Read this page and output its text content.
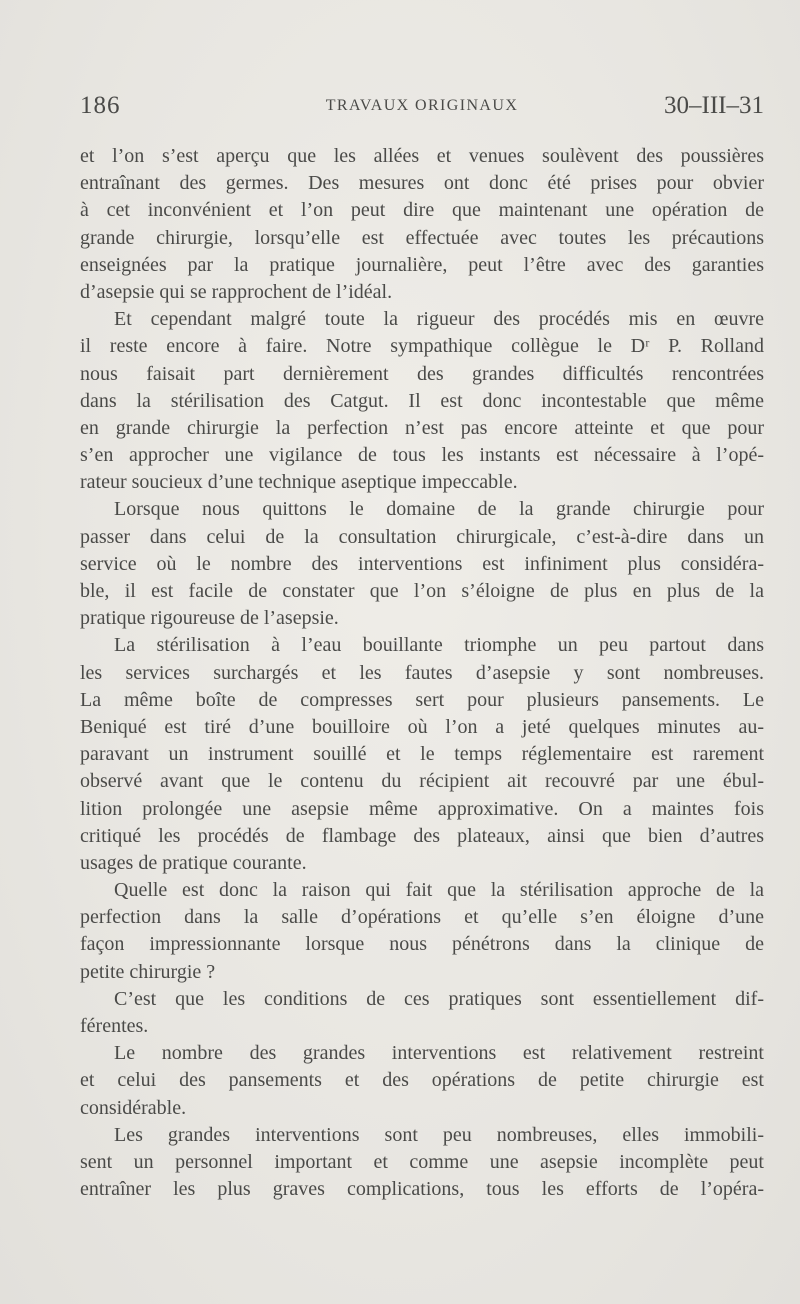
186	TRAVAUX ORIGINAUX	30–III–31
et l’on s’est aperçu que les allées et venues soulèvent des poussières
entraînant des germes. Des mesures ont donc été prises pour obvier
à cet inconvénient et l’on peut dire que maintenant une opération de
grande chirurgie, lorsqu’elle est effectuée avec toutes les précautions
enseignées par la pratique journalière, peut l’être avec des garanties
d’asepsie qui se rapprochent de l’idéal.
Et cependant malgré toute la rigueur des procédés mis en œuvre
il reste encore à faire. Notre sympathique collègue le Dʳ P. Rolland
nous faisait part dernièrement des grandes difficultés rencontrées
dans la stérilisation des Catgut. Il est donc incontestable que même
en grande chirurgie la perfection n’est pas encore atteinte et que pour
s’en approcher une vigilance de tous les instants est nécessaire à l’opé-
rateur soucieux d’une technique aseptique impeccable.
Lorsque nous quittons le domaine de la grande chirurgie pour
passer dans celui de la consultation chirurgicale, c’est-à-dire dans un
service où le nombre des interventions est infiniment plus considéra-
ble, il est facile de constater que l’on s’éloigne de plus en plus de la
pratique rigoureuse de l’asepsie.
La stérilisation à l’eau bouillante triomphe un peu partout dans
les services surchargés et les fautes d’asepsie y sont nombreuses.
La même boîte de compresses sert pour plusieurs pansements. Le
Beniqué est tiré d’une bouilloire où l’on a jeté quelques minutes au-
paravant un instrument souillé et le temps réglementaire est rarement
observé avant que le contenu du récipient ait recouvré par une ébul-
lition prolongée une asepsie même approximative. On a maintes fois
critiqué les procédés de flambage des plateaux, ainsi que bien d’autres
usages de pratique courante.
Quelle est donc la raison qui fait que la stérilisation approche de la
perfection dans la salle d’opérations et qu’elle s’en éloigne d’une
façon impressionnante lorsque nous pénétrons dans la clinique de
petite chirurgie ?
C’est que les conditions de ces pratiques sont essentiellement dif-
férentes.
Le nombre des grandes interventions est relativement restreint
et celui des pansements et des opérations de petite chirurgie est
considérable.
Les grandes interventions sont peu nombreuses, elles immobili-
sent un personnel important et comme une asepsie incomplète peut
entraîner les plus graves complications, tous les efforts de l’opéra-
